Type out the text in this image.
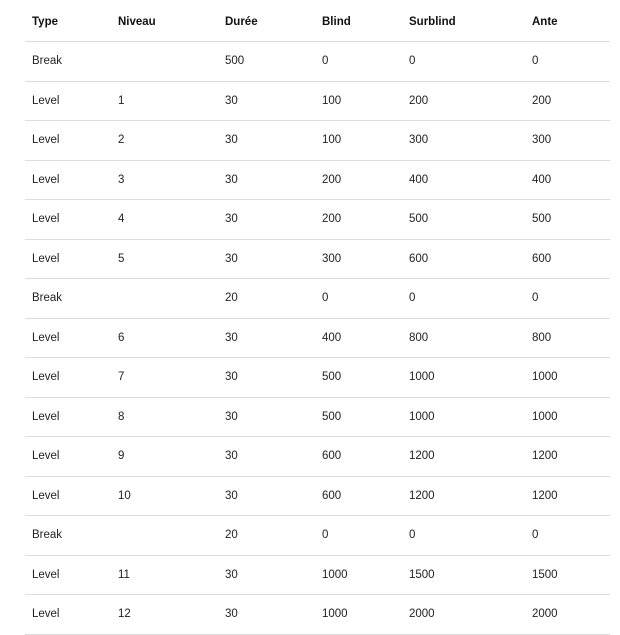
Type	Niveau	Durée	Blind	Surblind	Ante
Break		500	0	0	0
Level	1	30	100	200	200
Level	2	30	100	300	300
Level	3	30	200	400	400
Level	4	30	200	500	500
Level	5	30	300	600	600
Break		20	0	0	0
Level	6	30	400	800	800
Level	7	30	500	1000	1000
Level	8	30	500	1000	1000
Level	9	30	600	1200	1200
Level	10	30	600	1200	1200
Break		20	0	0	0
Level	11	30	1000	1500	1500
Level	12	30	1000	2000	2000
